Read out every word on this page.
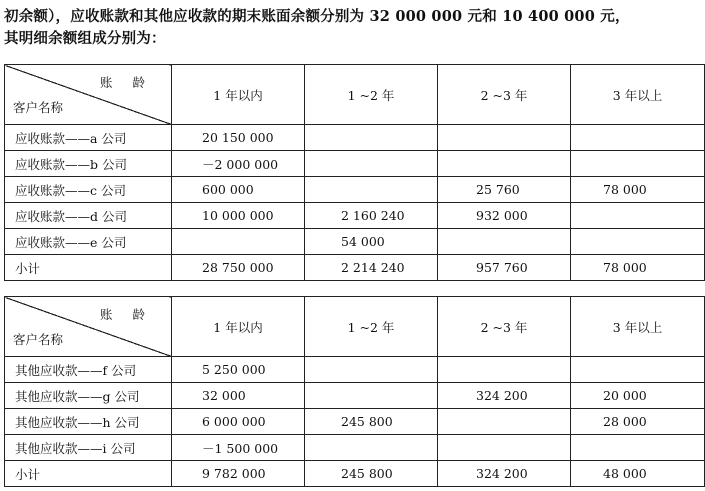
初余额），应收账款和其他应收款的期末账面余额分别为 32 000 000 元和 10 400 000 元，
其明细余额组成分别为：
账 龄
客户名称	1 年以内	1 ~2 年	2 ~3 年	3 年以上
应收账款——a 公司	20 150 000			
应收账款——b 公司	－2 000 000			
应收账款——c 公司	600 000		25 760	78 000
应收账款——d 公司	10 000 000	2 160 240	932 000	
应收账款——e 公司		54 000		
小计	28 750 000	2 214 240	957 760	78 000
账 龄
客户名称	1 年以内	1 ~2 年	2 ~3 年	3 年以上
其他应收款——f 公司	5 250 000			
其他应收款——g 公司	32 000		324 200	20 000
其他应收款——h 公司	6 000 000	245 800		28 000
其他应收款——i 公司	－1 500 000			
小计	9 782 000	245 800	324 200	48 000
